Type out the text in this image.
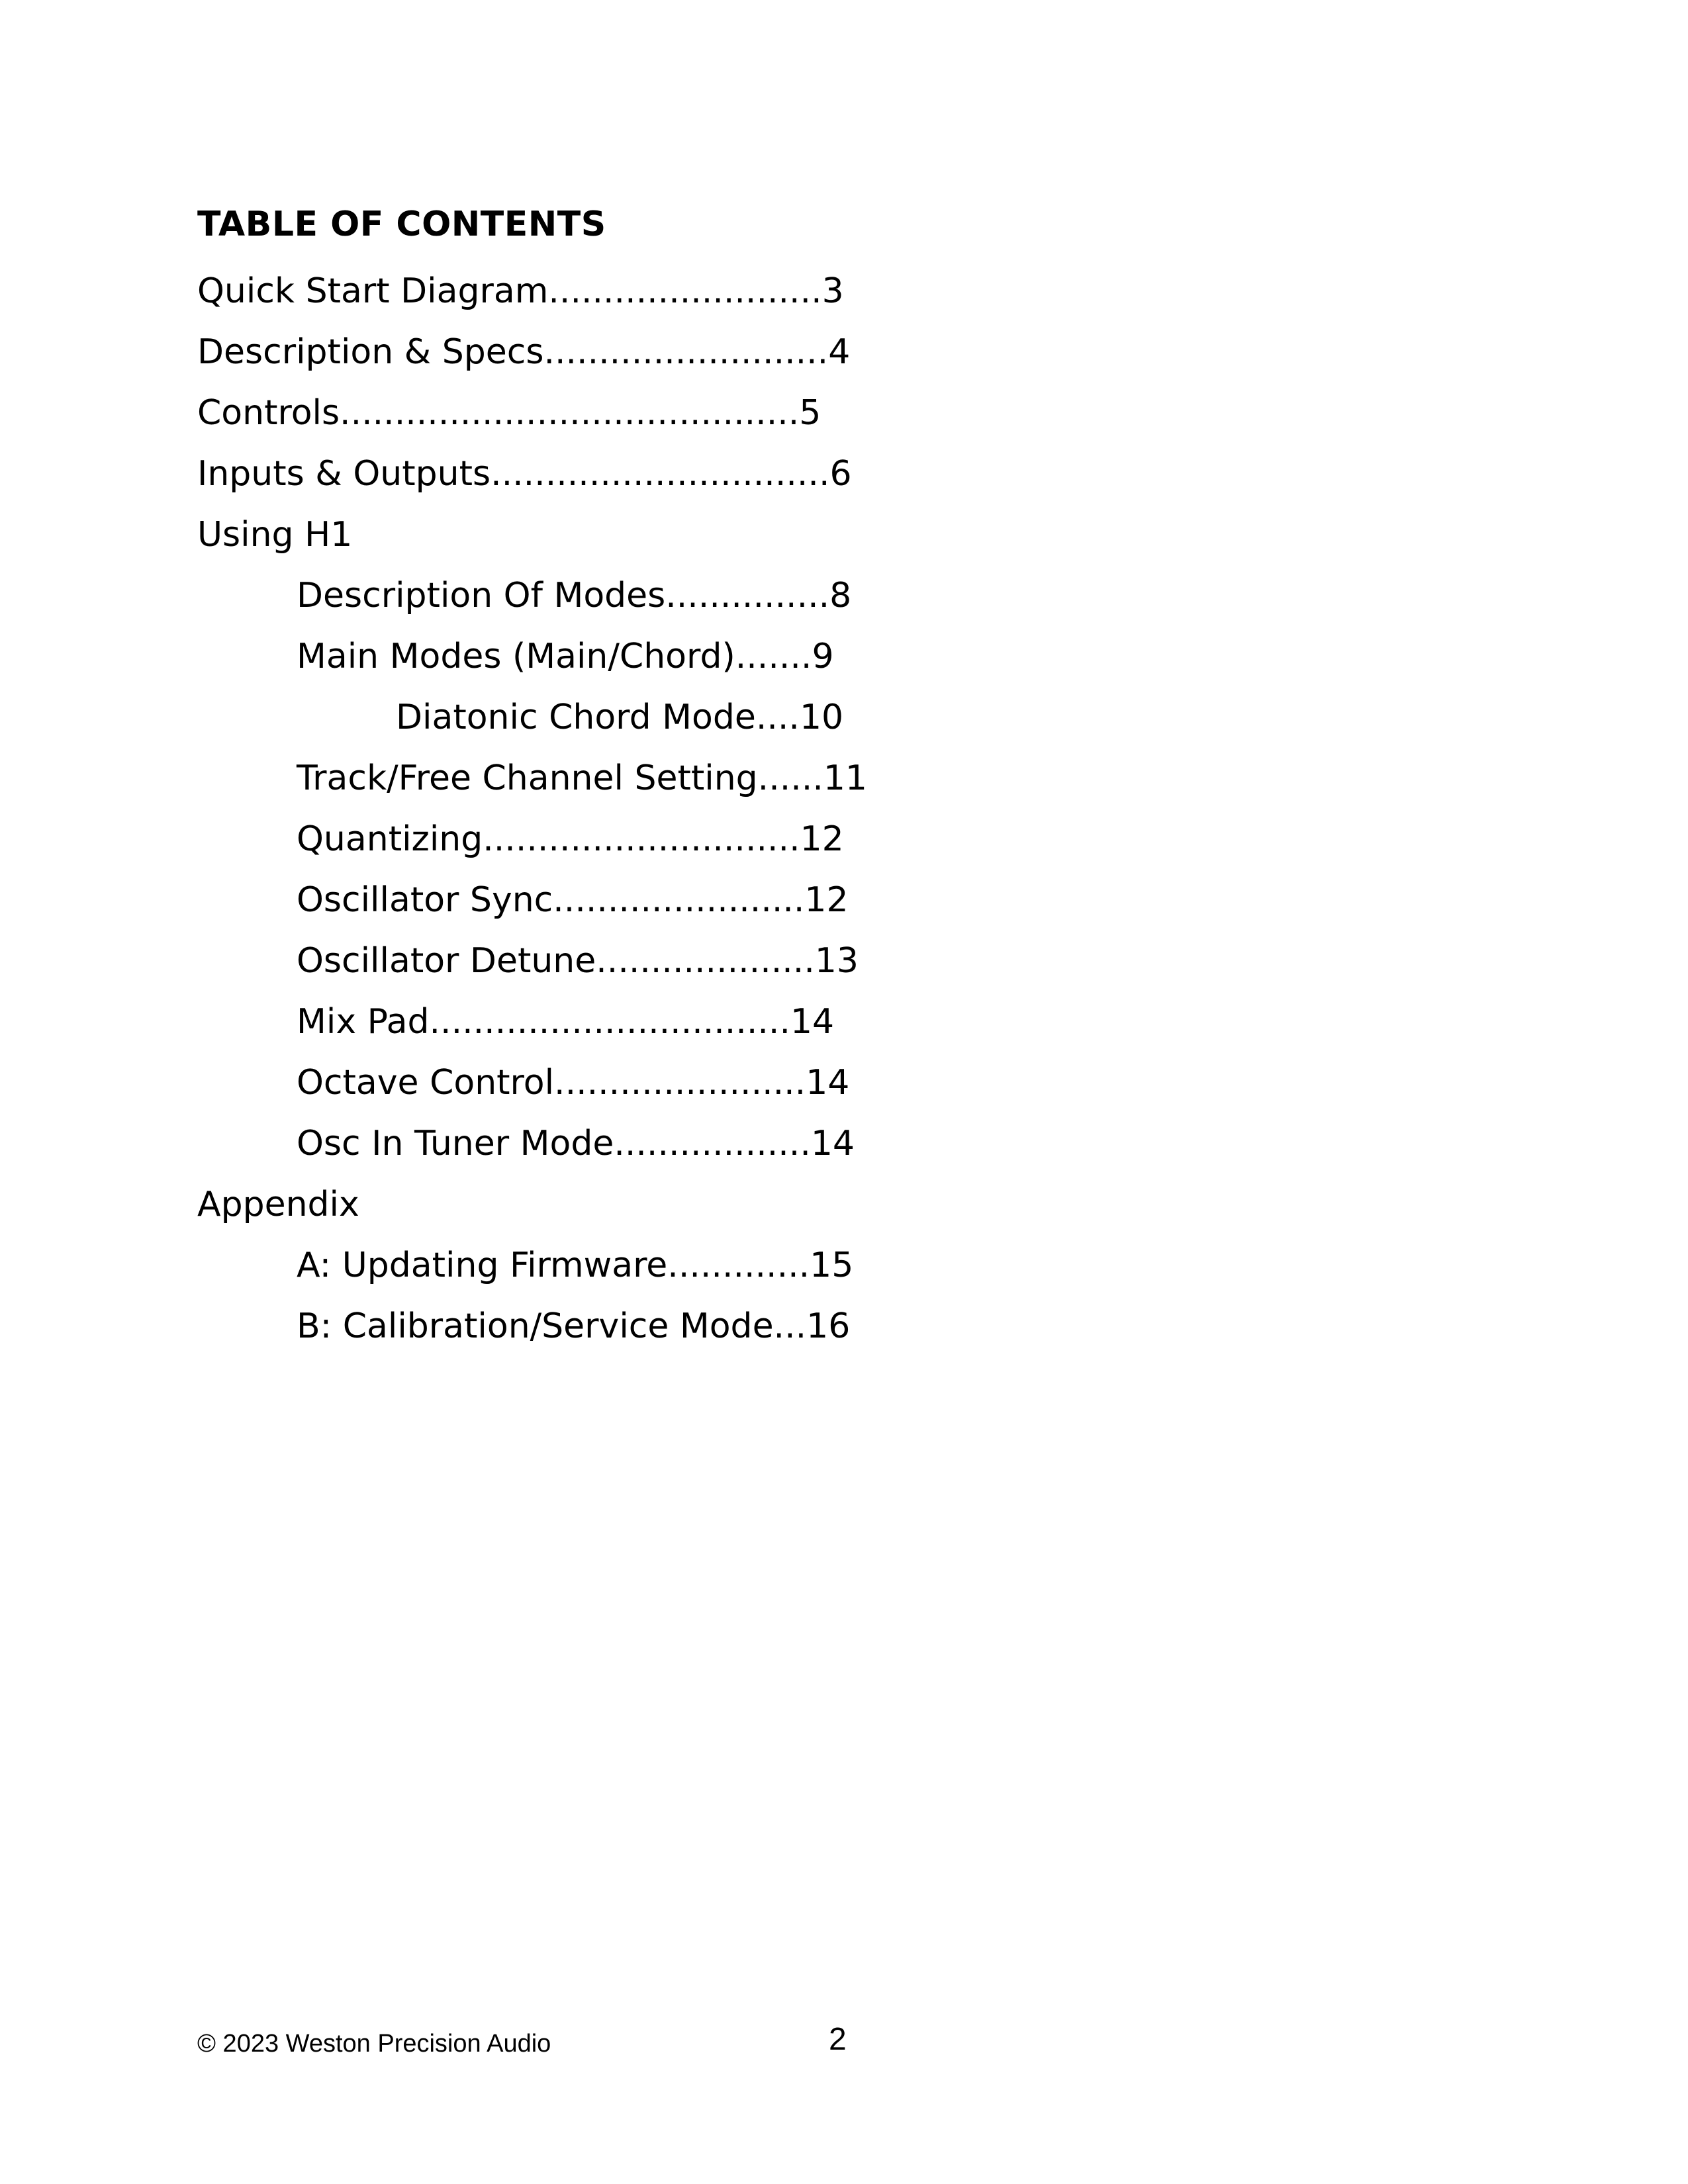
TABLE OF CONTENTS
Quick Start Diagram.........................3
Description & Specs..........................4
Controls..........................................5
Inputs & Outputs...............................6
Using H1
Description Of Modes...............8
Main Modes (Main/Chord).......9
Diatonic Chord Mode....10
Track/Free Channel Setting......11
Quantizing.............................12
Oscillator Sync.......................12
Oscillator Detune....................13
Mix Pad.................................14
Octave Control.......................14
Osc In Tuner Mode..................14
Appendix
A: Updating Firmware.............15
B: Calibration/Service Mode...16
© 2023 Weston Precision Audio	2
